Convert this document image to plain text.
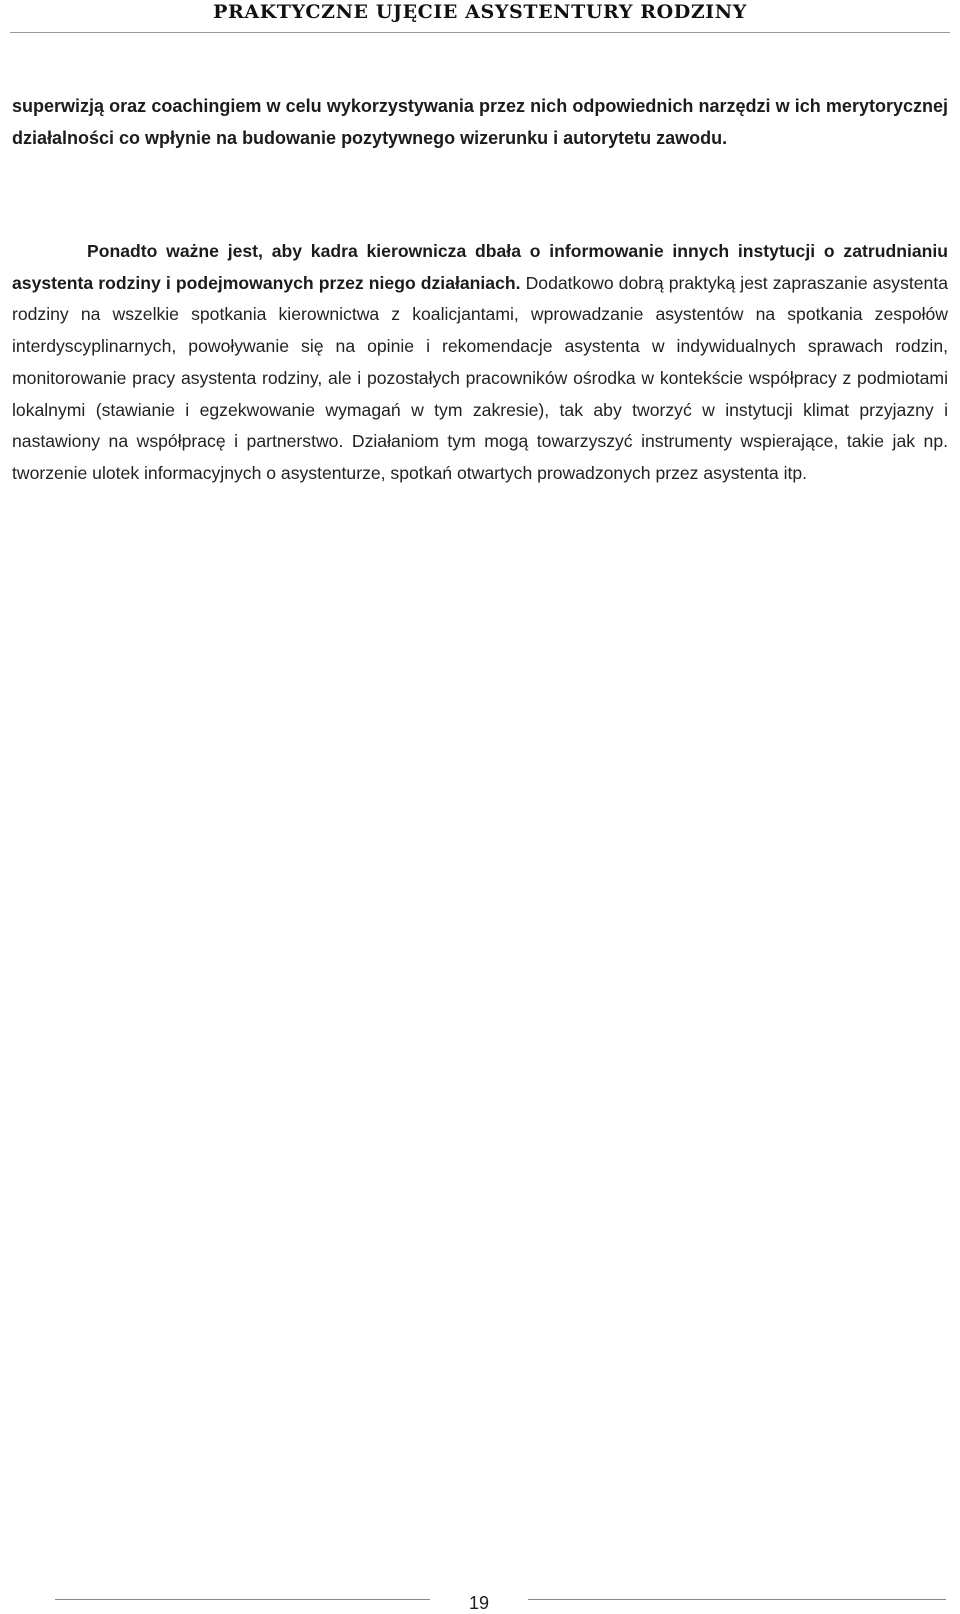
PRAKTYCZNE UJĘCIE ASYSTENTURY RODZINY

superwizją oraz coachingiem w celu wykorzystywania przez nich odpowiednich narzędzi w ich merytorycznej działalności co wpłynie na budowanie pozytywnego wizerunku i autorytetu zawodu.

Ponadto ważne jest, aby kadra kierownicza dbała o informowanie innych instytucji o zatrudnianiu asystenta rodziny i podejmowanych przez niego działaniach. Dodatkowo dobrą praktyką jest zapraszanie asystenta rodziny na wszelkie spotkania kierownictwa z koalicjantami, wprowadzanie asystentów na spotkania zespołów interdyscyplinarnych, powoływanie się na opinie i rekomendacje asystenta w indywidualnych sprawach rodzin, monitorowanie pracy asystenta rodziny, ale i pozostałych pracowników ośrodka w kontekście współpracy z podmiotami lokalnymi (stawianie i egzekwowanie wymagań w tym zakresie), tak aby tworzyć w instytucji klimat przyjazny i nastawiony na współpracę i partnerstwo. Działaniom tym mogą towarzyszyć instrumenty wspierające, takie jak np. tworzenie ulotek informacyjnych o asystenturze, spotkań otwartych prowadzonych przez asystenta itp.

19
